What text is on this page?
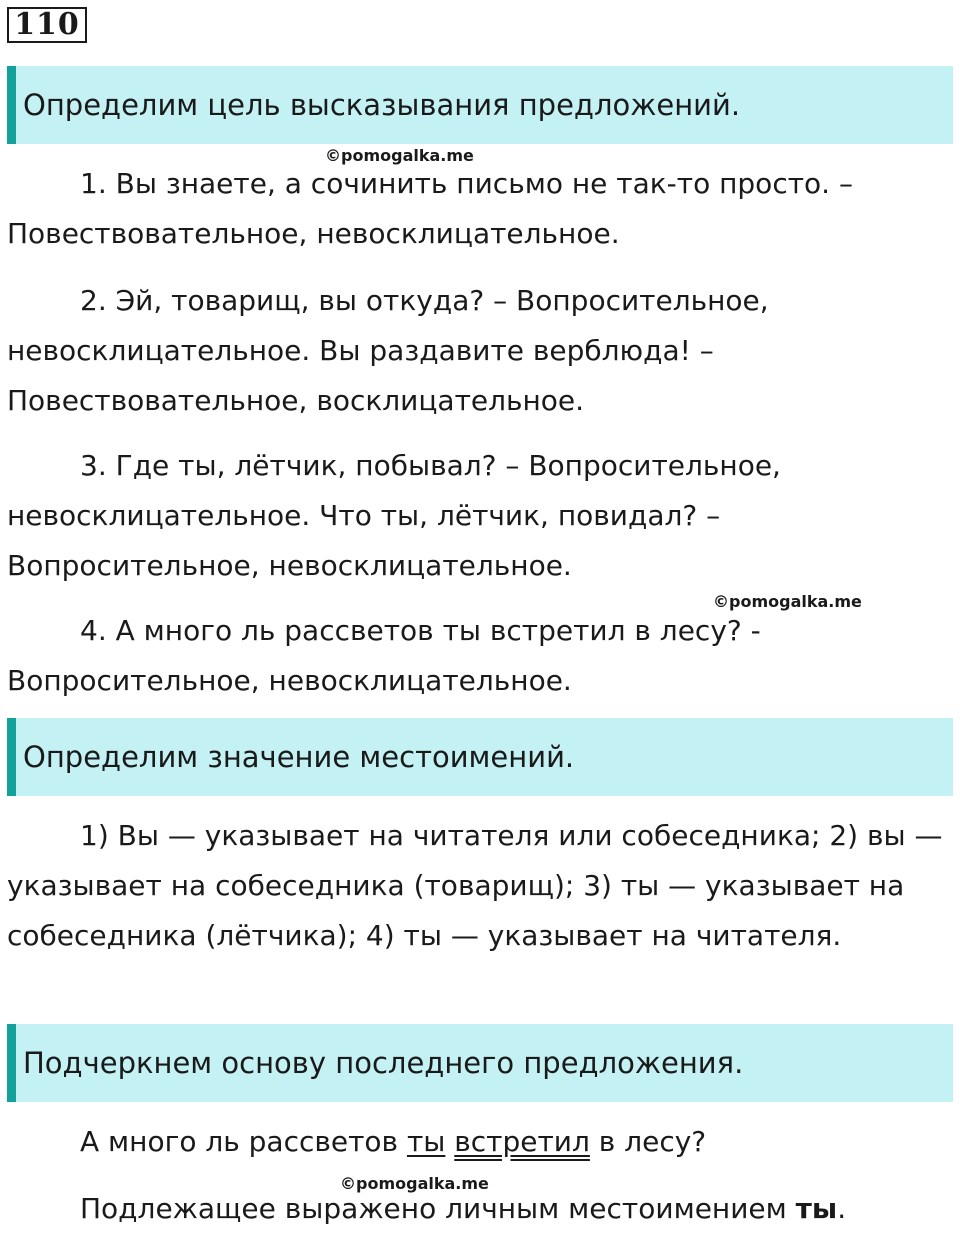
110
Определим цель высказывания предложений.
©pomogalka.me

1. Вы знаете, а сочинить письмо не так-то просто. – Повествовательное, невосклицательное.

2. Эй, товарищ, вы откуда? – Вопросительное, невосклицательное. Вы раздавите верблюда! – Повествовательное, восклицательное.

3. Где ты, лётчик, побывал? – Вопросительное, невосклицательное. Что ты, лётчик, повидал? – Вопросительное, невосклицательное.

©pomogalka.me

4. А много ль рассветов ты встретил в лесу? - Вопросительное, невосклицательное.

Определим значение местоимений.

1) Вы — указывает на читателя или собеседника; 2) вы — указывает на собеседника (товарищ); 3) ты — указывает на собеседника (лётчика); 4) ты — указывает на читателя.

Подчеркнем основу последнего предложения.
А много ль рассветов ты встретил в лесу?
©pomogalka.me
Подлежащее выражено личным местоимением ты.
